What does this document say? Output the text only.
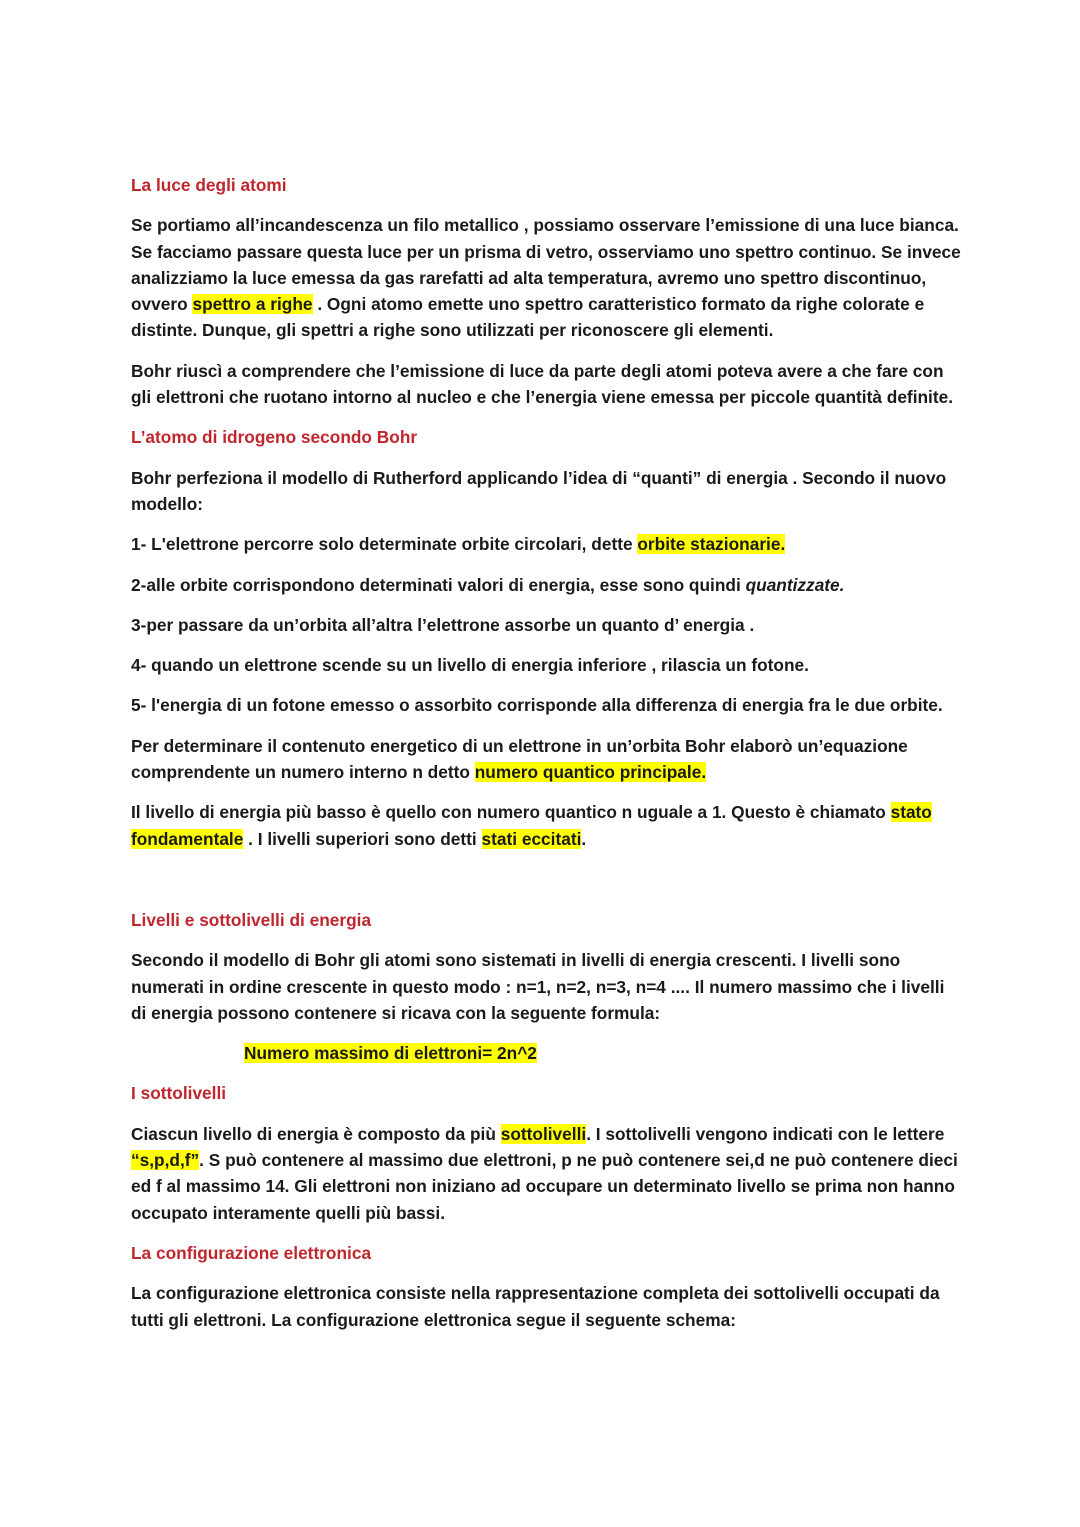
La luce degli atomi
Se portiamo all’incandescenza un filo metallico , possiamo osservare l’emissione di una luce bianca. Se facciamo passare questa luce per un prisma di vetro, osserviamo uno spettro continuo. Se invece analizziamo la luce emessa da gas rarefatti ad alta temperatura, avremo uno spettro discontinuo, ovvero spettro a righe . Ogni atomo emette uno spettro caratteristico formato da righe colorate e distinte. Dunque, gli spettri a righe sono utilizzati per riconoscere gli elementi.
Bohr riuscì a comprendere che l’emissione di luce da parte degli atomi poteva avere a che fare con gli elettroni che ruotano intorno al nucleo e che l’energia viene emessa per piccole quantità definite.
L’atomo di idrogeno secondo Bohr
Bohr perfeziona il modello di Rutherford applicando l’idea di “quanti” di energia . Secondo il nuovo modello:
1- L'elettrone percorre solo determinate orbite circolari, dette orbite stazionarie.
2-alle orbite corrispondono determinati valori di energia, esse sono quindi quantizzate.
3-per passare da un’orbita all’altra l’elettrone assorbe un quanto d’ energia .
4- quando un elettrone scende su un livello di energia inferiore , rilascia un fotone.
5- l'energia di un fotone emesso o assorbito corrisponde alla differenza di energia fra le due orbite.
Per determinare il contenuto energetico di un elettrone in un’orbita Bohr elaborò un’equazione comprendente un numero interno n detto numero quantico principale.
Il livello di energia più basso è quello con numero quantico n uguale a 1. Questo è chiamato stato fondamentale . I livelli superiori sono detti stati eccitati.
Livelli e sottolivelli di energia
Secondo il modello di Bohr gli atomi sono sistemati in livelli di energia crescenti. I livelli sono numerati in ordine crescente in questo modo : n=1, n=2, n=3, n=4 .... Il numero massimo che i livelli di energia possono contenere si ricava con la seguente formula:
Numero massimo di elettroni= 2n^2
I sottolivelli
Ciascun livello di energia è composto da più sottolivelli. I sottolivelli vengono indicati con le lettere “s,p,d,f”. S può contenere al massimo due elettroni, p ne può contenere sei,d ne può contenere dieci ed f al massimo 14. Gli elettroni non iniziano ad occupare un determinato livello se prima non hanno occupato interamente quelli più bassi.
La configurazione elettronica
La configurazione elettronica consiste nella rappresentazione completa dei sottolivelli occupati da tutti gli elettroni. La configurazione elettronica segue il seguente schema:
